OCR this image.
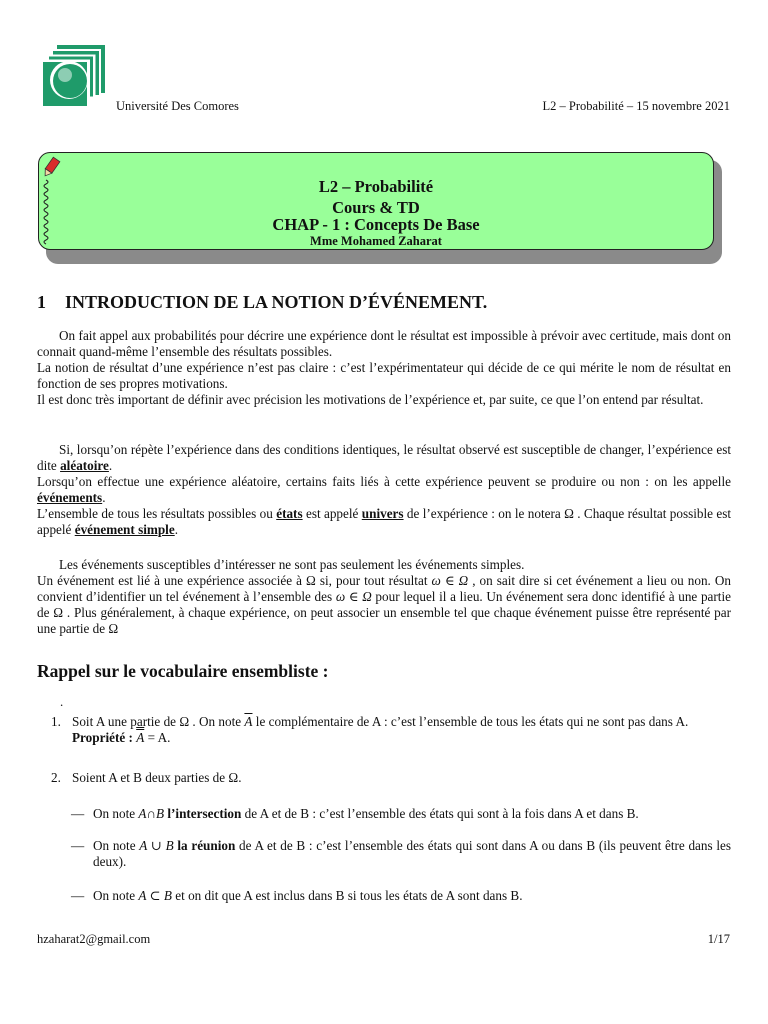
Université Des Comores	L2 – Probabilité – 15 novembre 2021
L2 – Probabilité
Cours & TD
CHAP - 1 : Concepts De Base
Mme Mohamed Zaharat
1 INTRODUCTION DE LA NOTION D’ÉVÉNEMENT.
On fait appel aux probabilités pour décrire une expérience dont le résultat est impossible à prévoir avec certitude, mais dont on connait quand-même l’ensemble des résultats possibles.
La notion de résultat d’une expérience n’est pas claire : c’est l’expérimentateur qui décide de ce qui mérite le nom de résultat en fonction de ses propres motivations.
Il est donc très important de définir avec précision les motivations de l’expérience et, par suite, ce que l’on entend par résultat.
Si, lorsqu’on répète l’expérience dans des conditions identiques, le résultat observé est susceptible de changer, l’expérience est dite aléatoire.
Lorsqu’on effectue une expérience aléatoire, certains faits liés à cette expérience peuvent se produire ou non : on les appelle événements.
L’ensemble de tous les résultats possibles ou états est appelé univers de l’expérience : on le notera Ω . Chaque résultat possible est appelé événement simple.
Les événements susceptibles d’intéresser ne sont pas seulement les événements simples.
Un événement est lié à une expérience associée à Ω si, pour tout résultat ω ∈ Ω , on sait dire si cet événement a lieu ou non. On convient d’identifier un tel événement à l’ensemble des ω ∈ Ω pour lequel il a lieu. Un événement sera donc identifié à une partie de Ω . Plus généralement, à chaque expérience, on peut associer un ensemble tel que chaque événement puisse être représenté par une partie de Ω
Rappel sur le vocabulaire ensembliste :
.
1. Soit A une partie de Ω . On note $\overline{A}$ le complémentaire de A : c’est l’ensemble de tous les états qui ne sont pas dans A.
Propriété : A = A.
2. Soient A et B deux parties de Ω.
— On note A∩B l’intersection de A et de B : c’est l’ensemble des états qui sont à la fois dans A et dans B.
— On note A ∪ B la réunion de A et de B : c’est l’ensemble des états qui sont dans A ou dans B (ils peuvent être dans les deux).
— On note A ⊂ B et on dit que A est inclus dans B si tous les états de A sont dans B.
hzaharat2@gmail.com	1/17
